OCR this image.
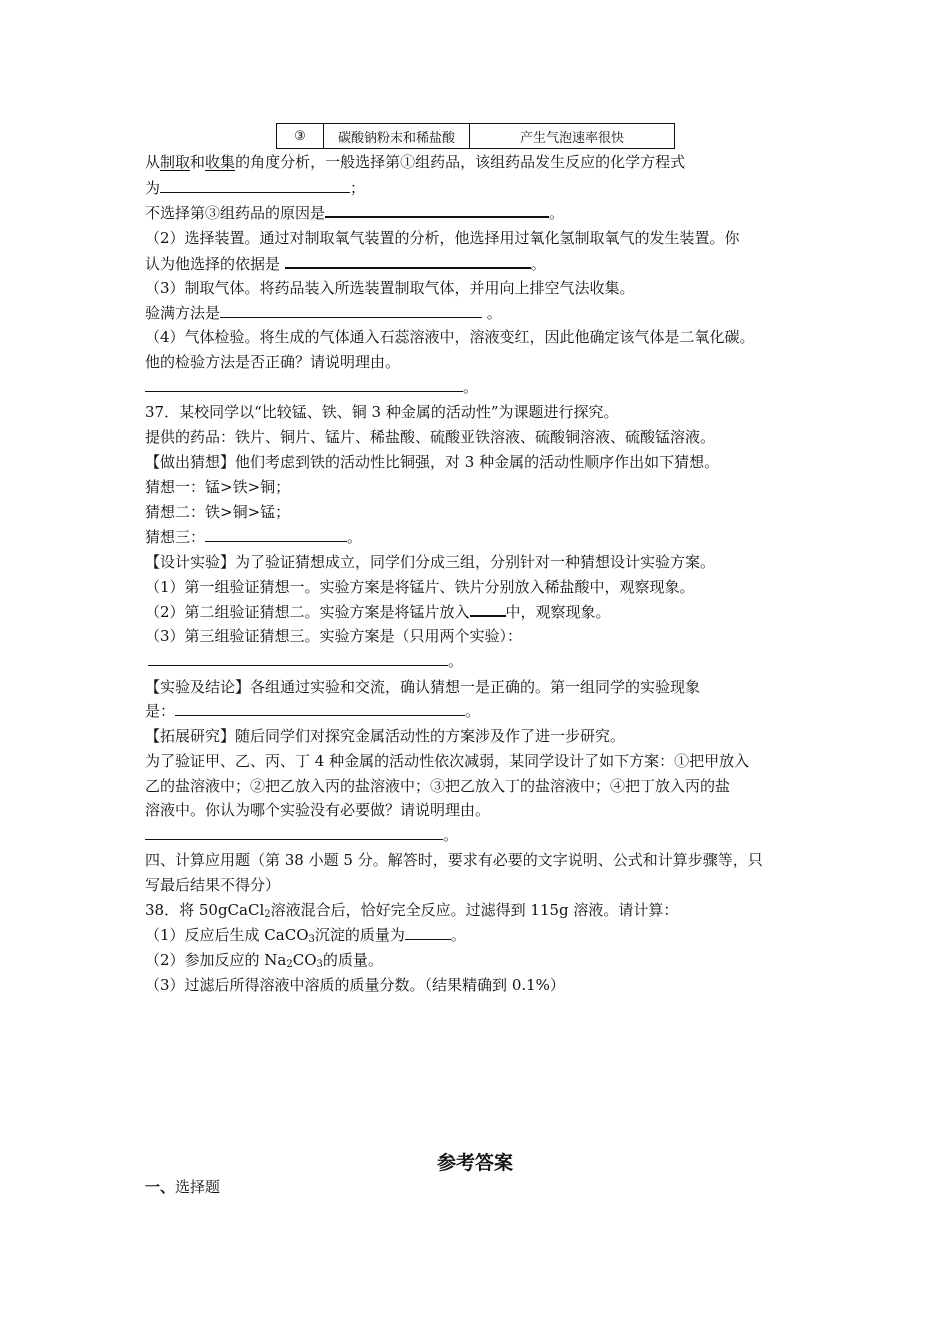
③	碳酸钠粉末和稀盐酸	产生气泡速率很快
从制取和收集的角度分析，一般选择第①组药品，该组药品发生反应的化学方程式
为	；
不选择第③组药品的原因是	。
（2）选择装置。通过对制取氧气装置的分析，他选择用过氧化氢制取氧气的发生装置。你
认为他选择的依据是	。
（3）制取气体。将药品装入所选装置制取气体，并用向上排空气法收集。
验满方法是	。
（4）气体检验。将生成的气体通入石蕊溶液中，溶液变红，因此他确定该气体是二氧化碳。
他的检验方法是否正确？请说明理由。
。
37．某校同学以“比较锰、铁、铜 3 种金属的活动性”为课题进行探究。
提供的药品：铁片、铜片、锰片、稀盐酸、硫酸亚铁溶液、硫酸铜溶液、硫酸锰溶液。
【做出猜想】他们考虑到铁的活动性比铜强，对 3 种金属的活动性顺序作出如下猜想。
猜想一：锰>铁>铜；
猜想二：铁>铜>锰；
猜想三：	。
【设计实验】为了验证猜想成立，同学们分成三组，分别针对一种猜想设计实验方案。
（1）第一组验证猜想一。实验方案是将锰片、铁片分别放入稀盐酸中，观察现象。
（2）第二组验证猜想二。实验方案是将锰片放入 中，观察现象。
（3）第三组验证猜想三。实验方案是（只用两个实验）：
。
【实验及结论】各组通过实验和交流，确认猜想一是正确的。第一组同学的实验现象
是：	。
【拓展研究】随后同学们对探究金属活动性的方案涉及作了进一步研究。
为了验证甲、乙、丙、丁 4 种金属的活动性依次减弱，某同学设计了如下方案：①把甲放入
乙的盐溶液中；②把乙放入丙的盐溶液中；③把乙放入丁的盐溶液中；④把丁放入丙的盐
溶液中。你认为哪个实验没有必要做？请说明理由。
。
四、计算应用题（第 38 小题 5 分。解答时，要求有必要的文字说明、公式和计算步骤等，只
写最后结果不得分）
38．将 50gCaCl$_2$溶液混合后，恰好完全反应。过滤得到 115g 溶液。请计算：
（1）反应后生成 CaCO$_3$沉淀的质量为	。
（2）参加反应的 $Na_2CO_3$的质量。
（3）过滤后所得溶液中溶质的质量分数。（结果精确到 0.1%）
参考答案
一、选择题
